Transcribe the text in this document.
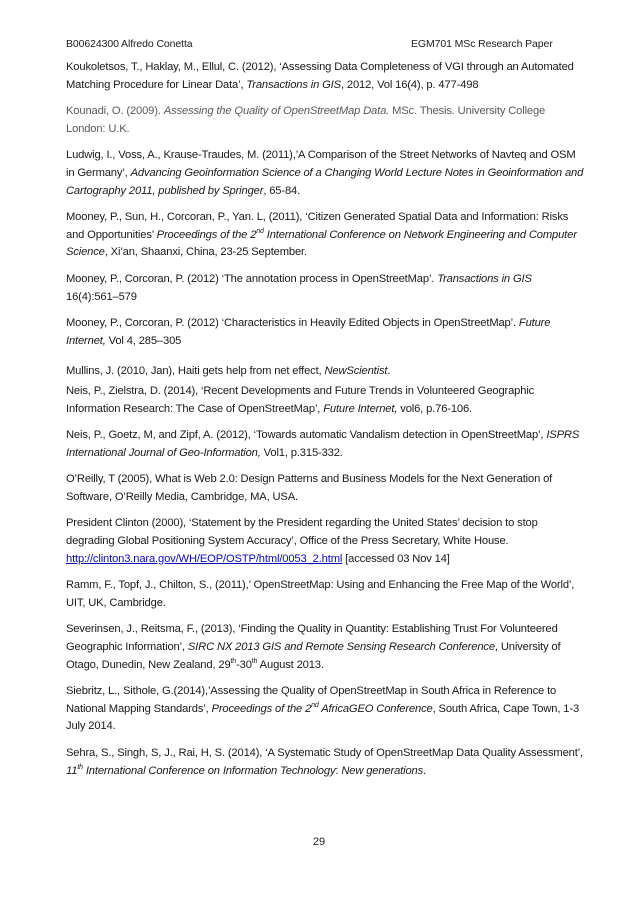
B00624300 Alfredo Conetta	EGM701 MSc Research Paper

Koukoletsos, T., Haklay, M., Ellul, C. (2012), ‘Assessing Data Completeness of VGI through an Automated Matching Procedure for Linear Data’, Transactions in GIS, 2012, Vol 16(4), p. 477-498

Kounadi, O. (2009). Assessing the Quality of OpenStreetMap Data. MSc. Thesis. University College London: U.K.

Ludwig, I., Voss, A., Krause-Traudes, M. (2011),’A Comparison of the Street Networks of Navteq and OSM in Germany’, Advancing Geoinformation Science of a Changing World Lecture Notes in Geoinformation and Cartography 2011, published by Springer, 65-84.

Mooney, P., Sun, H., Corcoran, P., Yan. L, (2011), ‘Citizen Generated Spatial Data and Information: Risks and Opportunities’ Proceedings of the 2nd International Conference on Network Engineering and Computer Science, Xi’an, Shaanxi, China, 23-25 September.

Mooney, P., Corcoran, P. (2012) ‘The annotation process in OpenStreetMap’. Transactions in GIS 16(4):561–579

Mooney, P., Corcoran, P. (2012) ‘Characteristics in Heavily Edited Objects in OpenStreetMap’. Future Internet, Vol 4, 285–305

Mullins, J. (2010, Jan), Haiti gets help from net effect, NewScientist.

Neis, P., Zielstra, D. (2014), ‘Recent Developments and Future Trends in Volunteered Geographic Information Research: The Case of OpenStreetMap’, Future Internet, vol6, p.76-106.

Neis, P., Goetz, M, and Zipf, A. (2012), ‘Towards automatic Vandalism detection in OpenStreetMap’, ISPRS International Journal of Geo-Information, Vol1, p.315-332.

O’Reilly, T (2005), What is Web 2.0: Design Patterns and Business Models for the Next Generation of Software, O’Reilly Media, Cambridge, MA, USA.

President Clinton (2000), ‘Statement by the President regarding the United States’ decision to stop degrading Global Positioning System Accuracy’, Office of the Press Secretary, White House. http://clinton3.nara.gov/WH/EOP/OSTP/html/0053_2.html [accessed 03 Nov 14]

Ramm, F., Topf, J., Chilton, S., (2011),’ OpenStreetMap: Using and Enhancing the Free Map of the World’, UIT, UK, Cambridge.

Severinsen, J., Reitsma, F., (2013), ‘Finding the Quality in Quantity: Establishing Trust For Volunteered Geographic Information’, SIRC NX 2013 GIS and Remote Sensing Research Conference, University of Otago, Dunedin, New Zealand, 29th-30th August 2013.

Siebritz, L., Sithole, G.(2014),’Assessing the Quality of OpenStreetMap in South Africa in Reference to National Mapping Standards’, Proceedings of the 2nd AfricaGEO Conference, South Africa, Cape Town, 1-3 July 2014.

Sehra, S., Singh, S, J., Rai, H, S. (2014), ‘A Systematic Study of OpenStreetMap Data Quality Assessment’, 11th International Conference on Information Technology: New generations.

29
